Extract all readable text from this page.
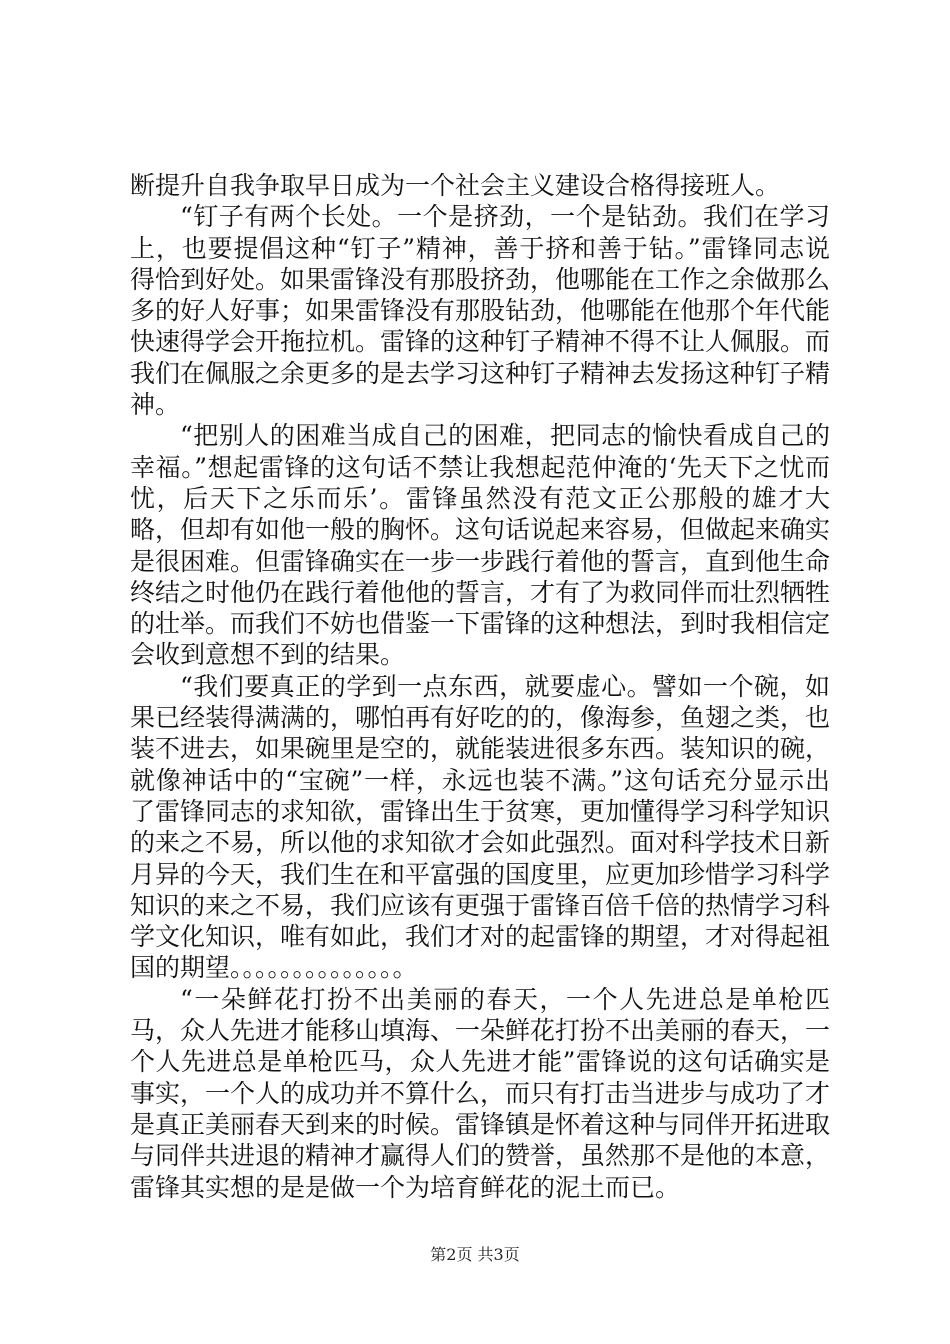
断提升自我争取早日成为一个社会主义建设合格得接班人。

“钉子有两个长处。一个是挤劲，一个是钻劲。我们在学习上，也要提倡这种“钉子”精神，善于挤和善于钻。”雷锋同志说得恰到好处。如果雷锋没有那股挤劲，他哪能在工作之余做那么多的好人好事；如果雷锋没有那股钻劲，他哪能在他那个年代能快速得学会开拖拉机。雷锋的这种钉子精神不得不让人佩服。而我们在佩服之余更多的是去学习这种钉子精神去发扬这种钉子精神。

“把别人的困难当成自己的困难，把同志的愉快看成自己的幸福。”想起雷锋的这句话不禁让我想起范仲淹的‘先天下之忧而忧，后天下之乐而乐’。雷锋虽然没有范文正公那般的雄才大略，但却有如他一般的胸怀。这句话说起来容易，但做起来确实是很困难。但雷锋确实在一步一步践行着他的誓言，直到他生命终结之时他仍在践行着他他的誓言，才有了为救同伴而壮烈牺牲的壮举。而我们不妨也借鉴一下雷锋的这种想法，到时我相信定会收到意想不到的结果。

“我们要真正的学到一点东西，就要虚心。譬如一个碗，如果已经装得满满的，哪怕再有好吃的的，像海参，鱼翅之类，也装不进去，如果碗里是空的，就能装进很多东西。装知识的碗，就像神话中的“宝碗”一样，永远也装不满。”这句话充分显示出了雷锋同志的求知欲，雷锋出生于贫寒，更加懂得学习科学知识的来之不易，所以他的求知欲才会如此强烈。面对科学技术日新月异的今天，我们生在和平富强的国度里，应更加珍惜学习科学知识的来之不易，我们应该有更强于雷锋百倍千倍的热情学习科学文化知识，唯有如此，我们才对的起雷锋的期望，才对得起祖国的期望。。。。。。。。。。。。。。

“一朵鲜花打扮不出美丽的春天，一个人先进总是单枪匹马，众人先进才能移山填海、一朵鲜花打扮不出美丽的春天，一个人先进总是单枪匹马，众人先进才能”雷锋说的这句话确实是事实，一个人的成功并不算什么，而只有打击当进步与成功了才是真正美丽春天到来的时候。雷锋镇是怀着这种与同伴开拓进取与同伴共进退的精神才赢得人们的赞誉，虽然那不是他的本意，雷锋其实想的是是做一个为培育鲜花的泥土而已。

第2页 共3页
